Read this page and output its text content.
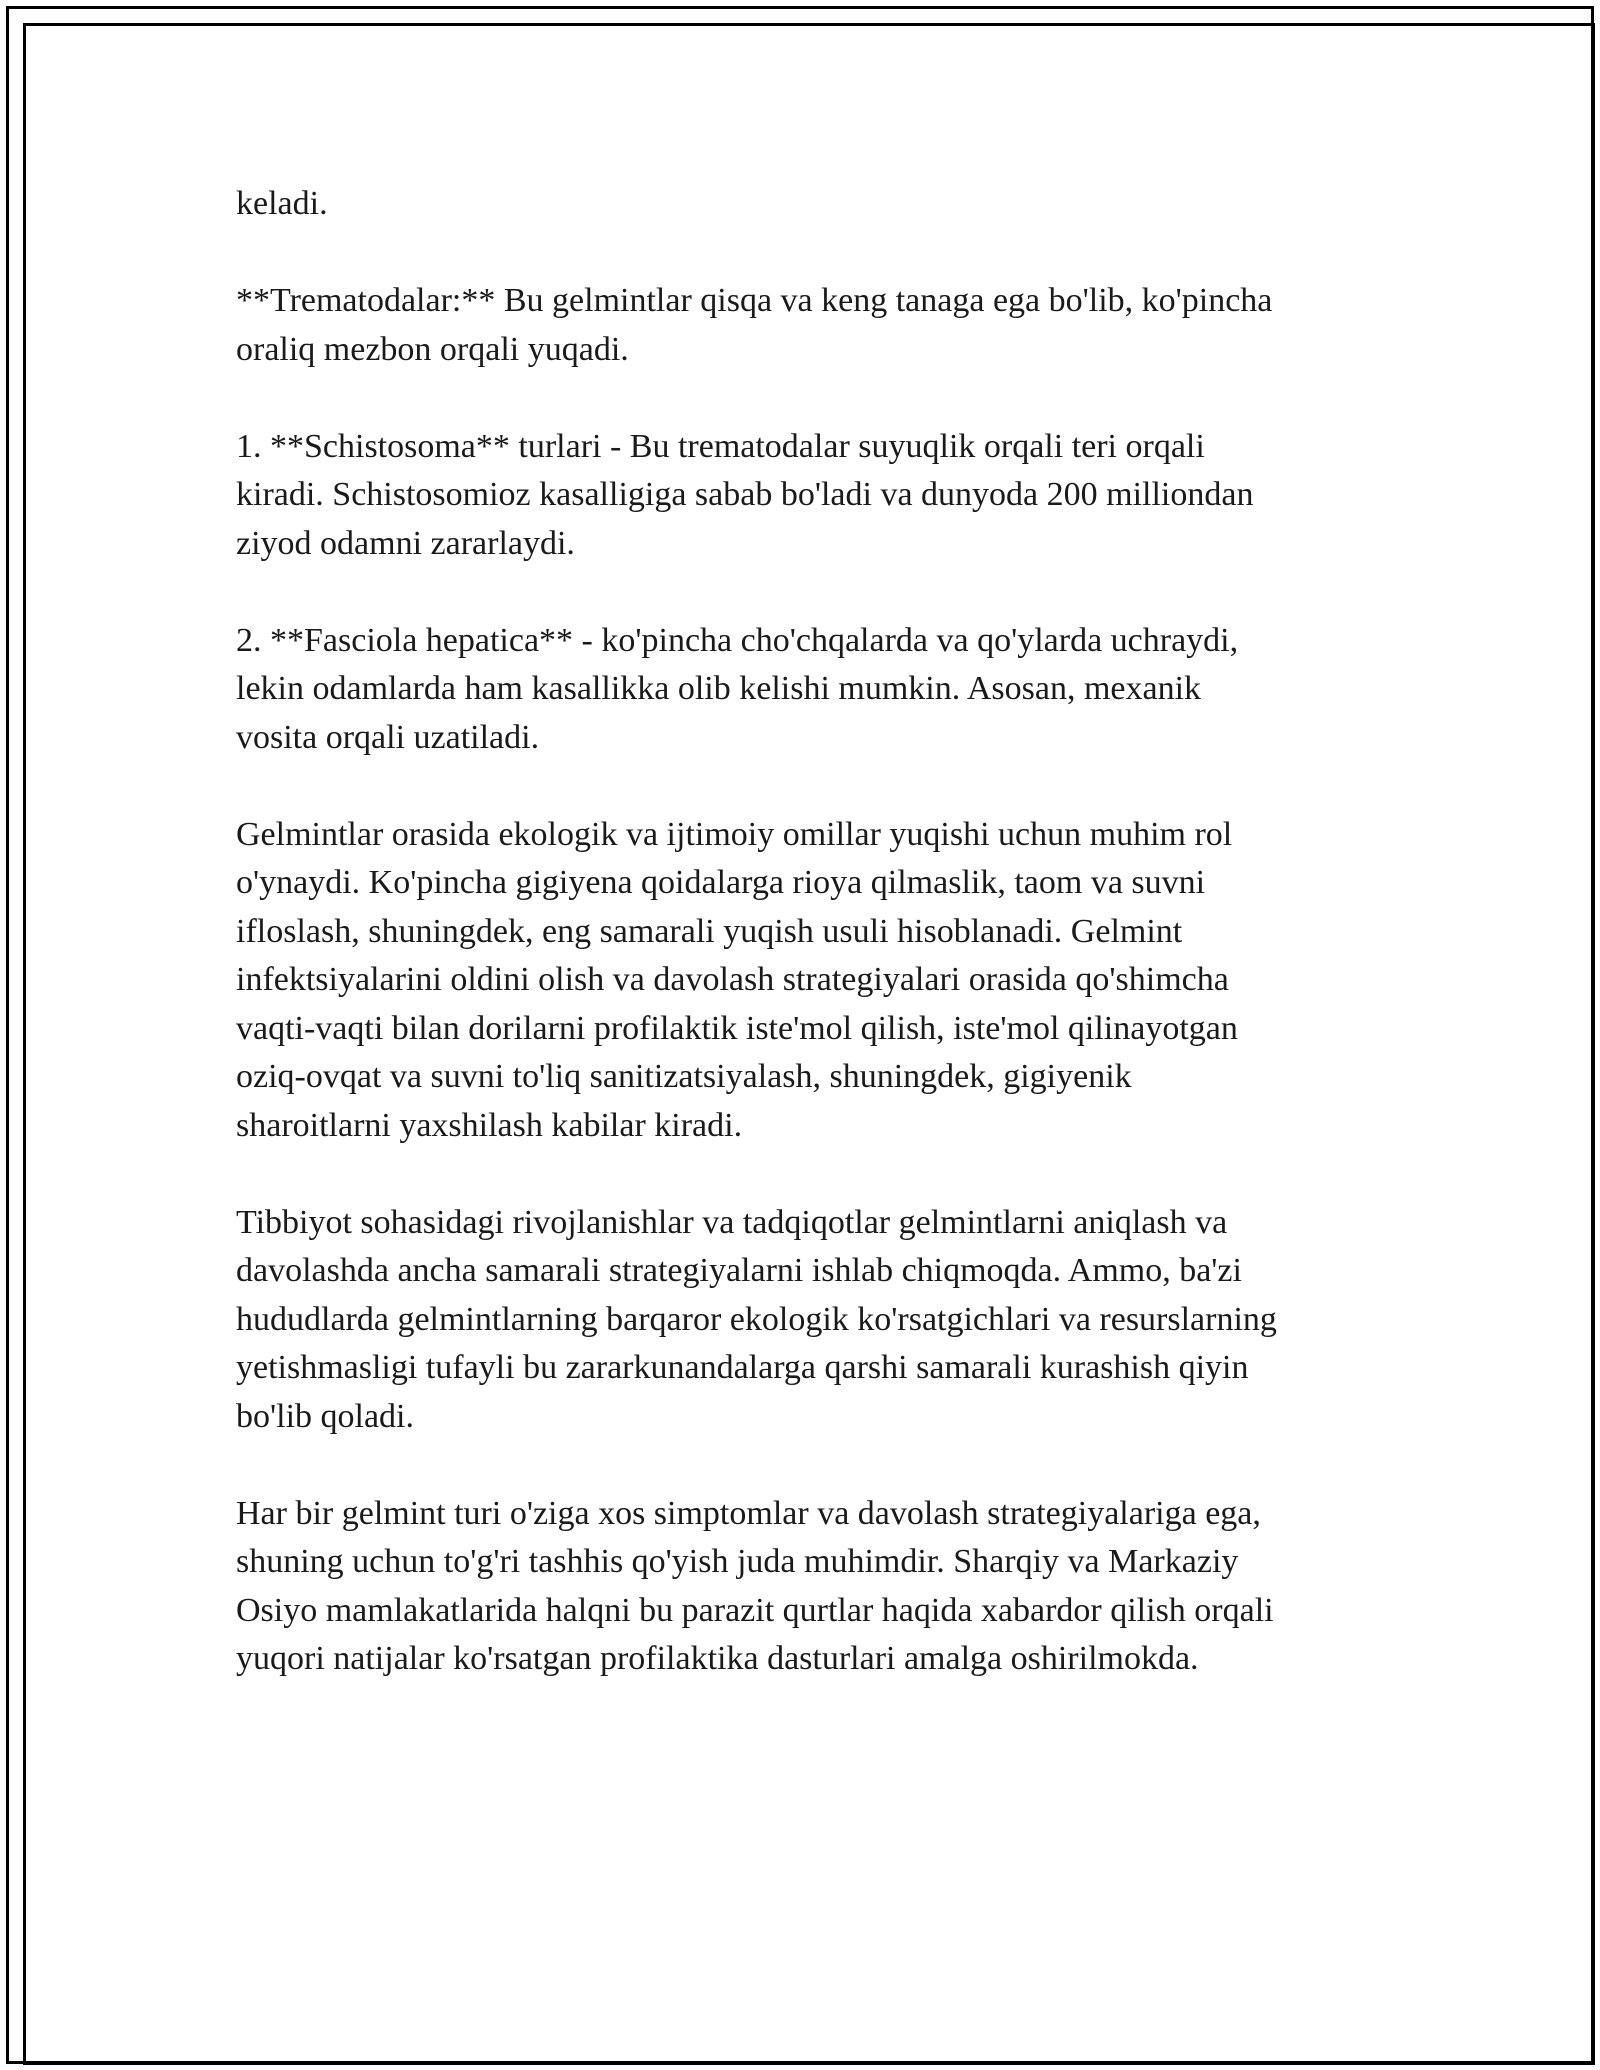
keladi.

**Trematodalar:** Bu gelmintlar qisqa va keng tanaga ega bo'lib, ko'pincha
oraliq mezbon orqali yuqadi.

1. **Schistosoma** turlari - Bu trematodalar suyuqlik orqali teri orqali
kiradi. Schistosomioz kasalligiga sabab bo'ladi va dunyoda 200 milliondan
ziyod odamni zararlaydi.

2. **Fasciola hepatica** - ko'pincha cho'chqalarda va qo'ylarda uchraydi,
lekin odamlarda ham kasallikka olib kelishi mumkin. Asosan, mexanik
vosita orqali uzatiladi.

Gelmintlar orasida ekologik va ijtimoiy omillar yuqishi uchun muhim rol
o'ynaydi. Ko'pincha gigiyena qoidalarga rioya qilmaslik, taom va suvni
ifloslash, shuningdek, eng samarali yuqish usuli hisoblanadi. Gelmint
infektsiyalarini oldini olish va davolash strategiyalari orasida qo'shimcha
vaqti-vaqti bilan dorilarni profilaktik iste'mol qilish, iste'mol qilinayotgan
oziq-ovqat va suvni to'liq sanitizatsiyalash, shuningdek, gigiyenik
sharoitlarni yaxshilash kabilar kiradi.

Tibbiyot sohasidagi rivojlanishlar va tadqiqotlar gelmintlarni aniqlash va
davolashda ancha samarali strategiyalarni ishlab chiqmoqda. Ammo, ba'zi
hududlarda gelmintlarning barqaror ekologik ko'rsatgichlari va resurslarning
yetishmasligi tufayli bu zararkunandalarga qarshi samarali kurashish qiyin
bo'lib qoladi.

Har bir gelmint turi o'ziga xos simptomlar va davolash strategiyalariga ega,
shuning uchun to'g'ri tashhis qo'yish juda muhimdir. Sharqiy va Markaziy
Osiyo mamlakatlarida halqni bu parazit qurtlar haqida xabardor qilish orqali
yuqori natijalar ko'rsatgan profilaktika dasturlari amalga oshirilmokda.
